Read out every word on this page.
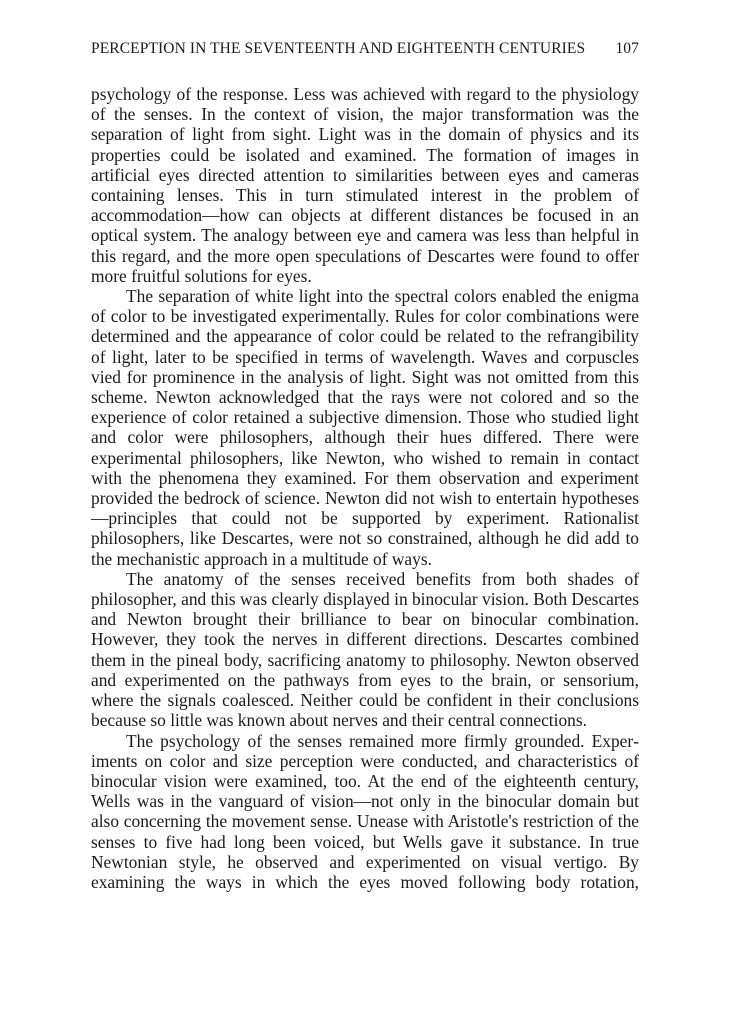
PERCEPTION IN THE SEVENTEENTH AND EIGHTEENTH CENTURIES 107

psychology of the response. Less was achieved with regard to the physiology of the senses. In the context of vision, the major transformation was the separation of light from sight. Light was in the domain of physics and its properties could be isolated and examined. The formation of images in artificial eyes directed attention to similarities between eyes and cameras containing lenses. This in turn stimulated interest in the problem of accommodation—how can objects at different distances be focused in an optical system. The analogy between eye and camera was less than helpful in this regard, and the more open speculations of Descartes were found to offer more fruitful solutions for eyes.

The separation of white light into the spectral colors enabled the enigma of color to be investigated experimentally. Rules for color combinations were determined and the appearance of color could be related to the refrangibility of light, later to be specified in terms of wavelength. Waves and corpuscles vied for prominence in the analysis of light. Sight was not omitted from this scheme. Newton acknowledged that the rays were not colored and so the experience of color retained a subjective dimension. Those who studied light and color were philosophers, although their hues differed. There were experimental philosophers, like Newton, who wished to remain in contact with the phenomena they examined. For them observation and experiment provided the bedrock of science. Newton did not wish to entertain hypotheses—principles that could not be supported by experiment. Rationalist philosophers, like Descartes, were not so constrained, although he did add to the mechanistic approach in a multitude of ways.

The anatomy of the senses received benefits from both shades of philosopher, and this was clearly displayed in binocular vision. Both Descartes and Newton brought their brilliance to bear on binocular combination. However, they took the nerves in different directions. Descartes combined them in the pineal body, sacrificing anatomy to philosophy. Newton observed and experimented on the pathways from eyes to the brain, or sensorium, where the signals coalesced. Neither could be confident in their conclusions because so little was known about nerves and their central connections.

The psychology of the senses remained more firmly grounded. Experiments on color and size perception were conducted, and characteristics of binocular vision were examined, too. At the end of the eighteenth century, Wells was in the vanguard of vision—not only in the binocular domain but also concerning the movement sense. Unease with Aristotle's restriction of the senses to five had long been voiced, but Wells gave it substance. In true Newtonian style, he observed and experimented on visual vertigo. By examining the ways in which the eyes moved following body rotation,
